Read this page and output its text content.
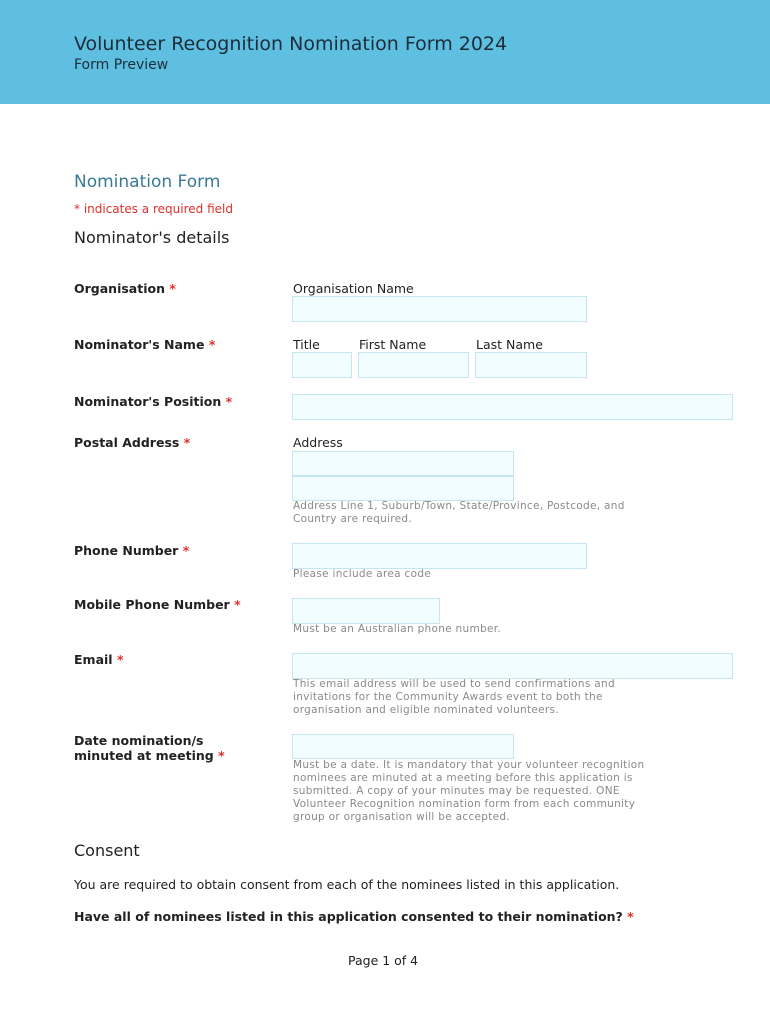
Volunteer Recognition Nomination Form 2024
Form Preview
Nomination Form
* indicates a required field
Nominator's details
Organisation *	Organisation Name
Nominator's Name *	Title	First Name	Last Name
Nominator's Position *
Postal Address *	Address
Address Line 1, Suburb/Town, State/Province, Postcode, and
Country are required.
Phone Number *
Please include area code
Mobile Phone Number *
Must be an Australian phone number.
Email *
This email address will be used to send confirmations and
invitations for the Community Awards event to both the
organisation and eligible nominated volunteers.
Date nomination/s
minuted at meeting *
Must be a date. It is mandatory that your volunteer recognition
nominees are minuted at a meeting before this application is
submitted. A copy of your minutes may be requested. ONE
Volunteer Recognition nomination form from each community
group or organisation will be accepted.
Consent
You are required to obtain consent from each of the nominees listed in this application.
Have all of nominees listed in this application consented to their nomination? *
Page 1 of 4
